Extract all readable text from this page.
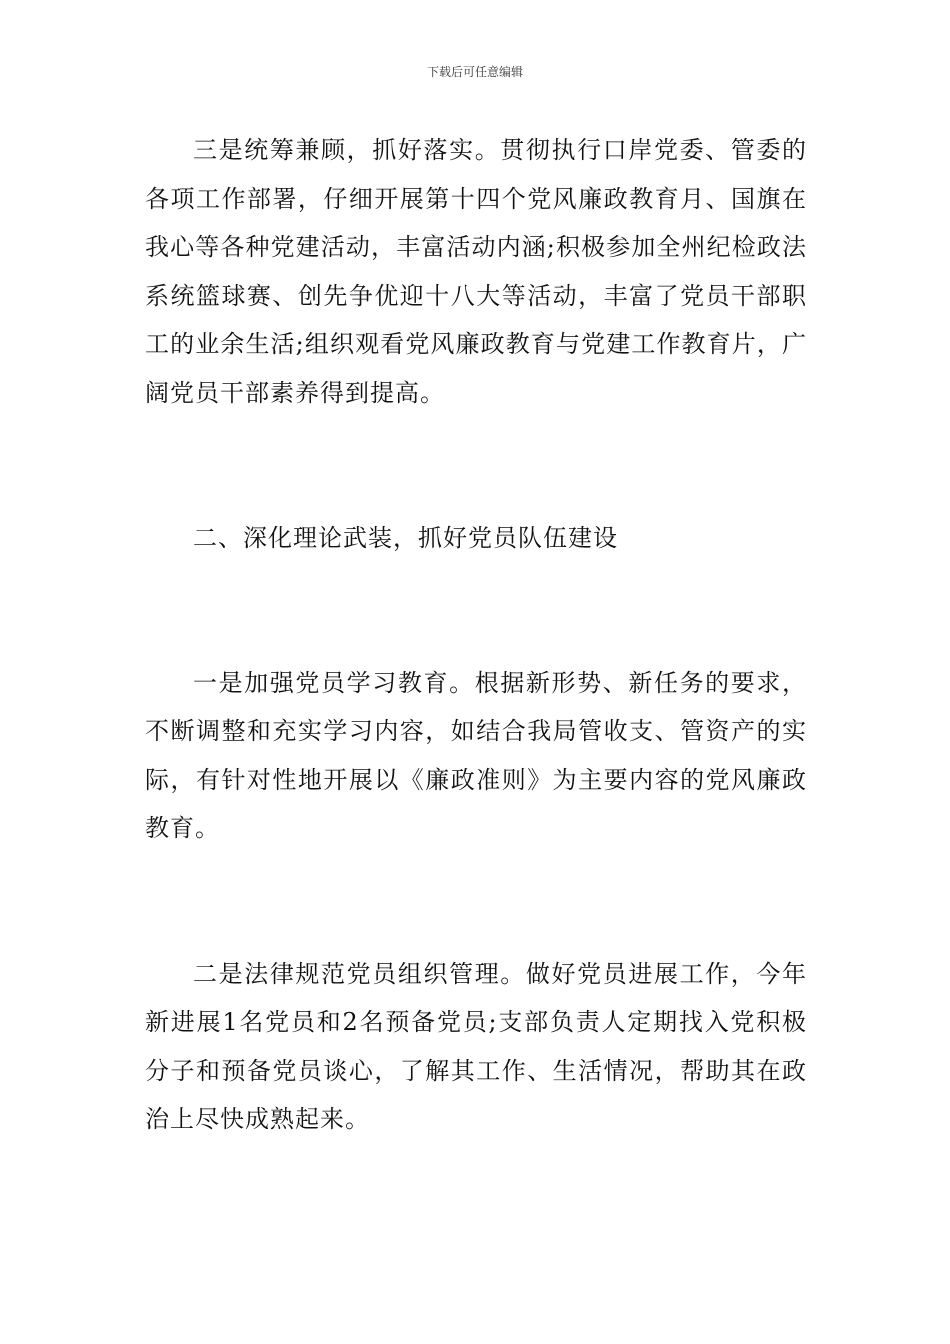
下载后可任意编辑

三是统筹兼顾，抓好落实。贯彻执行口岸党委、管委的各项工作部署，仔细开展第十四个党风廉政教育月、国旗在我心等各种党建活动，丰富活动内涵;积极参加全州纪检政法系统篮球赛、创先争优迎十八大等活动，丰富了党员干部职工的业余生活;组织观看党风廉政教育与党建工作教育片，广阔党员干部素养得到提高。

二、深化理论武装，抓好党员队伍建设

一是加强党员学习教育。根据新形势、新任务的要求，不断调整和充实学习内容，如结合我局管收支、管资产的实际，有针对性地开展以《廉政准则》为主要内容的党风廉政教育。

二是法律规范党员组织管理。做好党员进展工作，今年新进展1名党员和2名预备党员;支部负责人定期找入党积极分子和预备党员谈心，了解其工作、生活情况，帮助其在政治上尽快成熟起来。
